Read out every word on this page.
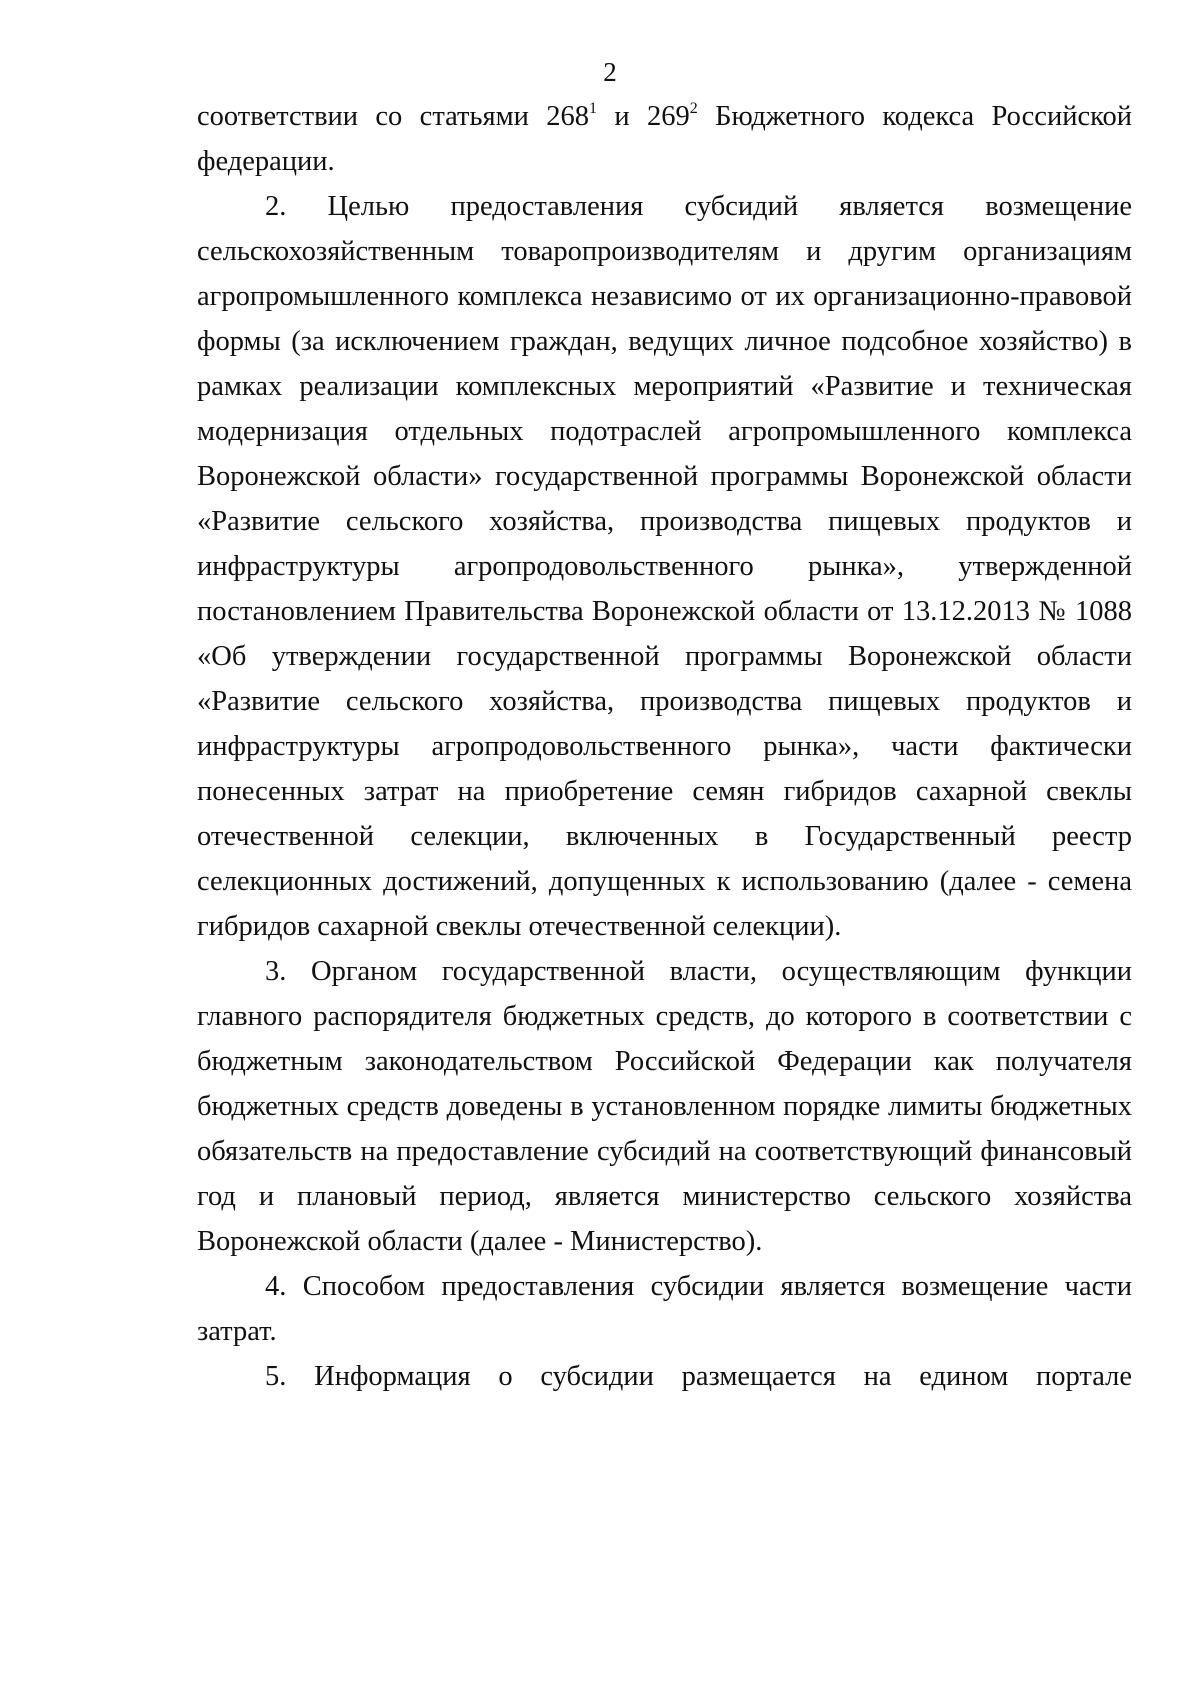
2
соответствии со статьями $268^1$ и $269^2$ Бюджетного кодекса Российской
федерации.
2. Целью предоставления субсидий является возмещение
сельскохозяйственным товаропроизводителям и другим организациям
агропромышленного комплекса независимо от их организационно-правовой
формы (за исключением граждан, ведущих личное подсобное хозяйство) в
рамках реализации комплексных мероприятий «Развитие и техническая
модернизация отдельных подотраслей агропромышленного комплекса
Воронежской области» государственной программы Воронежской области
«Развитие сельского хозяйства, производства пищевых продуктов и
инфраструктуры агропродовольственного рынка», утвержденной
постановлением Правительства Воронежской области от 13.12.2013 № 1088
«Об утверждении государственной программы Воронежской области
«Развитие сельского хозяйства, производства пищевых продуктов и
инфраструктуры агропродовольственного рынка», части фактически
понесенных затрат на приобретение семян гибридов сахарной свеклы
отечественной селекции, включенных в Государственный реестр
селекционных достижений, допущенных к использованию (далее - семена
гибридов сахарной свеклы отечественной селекции).
3. Органом государственной власти, осуществляющим функции
главного распорядителя бюджетных средств, до которого в соответствии с
бюджетным законодательством Российской Федерации как получателя
бюджетных средств доведены в установленном порядке лимиты бюджетных
обязательств на предоставление субсидий на соответствующий финансовый
год и плановый период, является министерство сельского хозяйства
Воронежской области (далее - Министерство).
4. Способом предоставления субсидии является возмещение части
затрат.
5. Информация о субсидии размещается на едином портале
